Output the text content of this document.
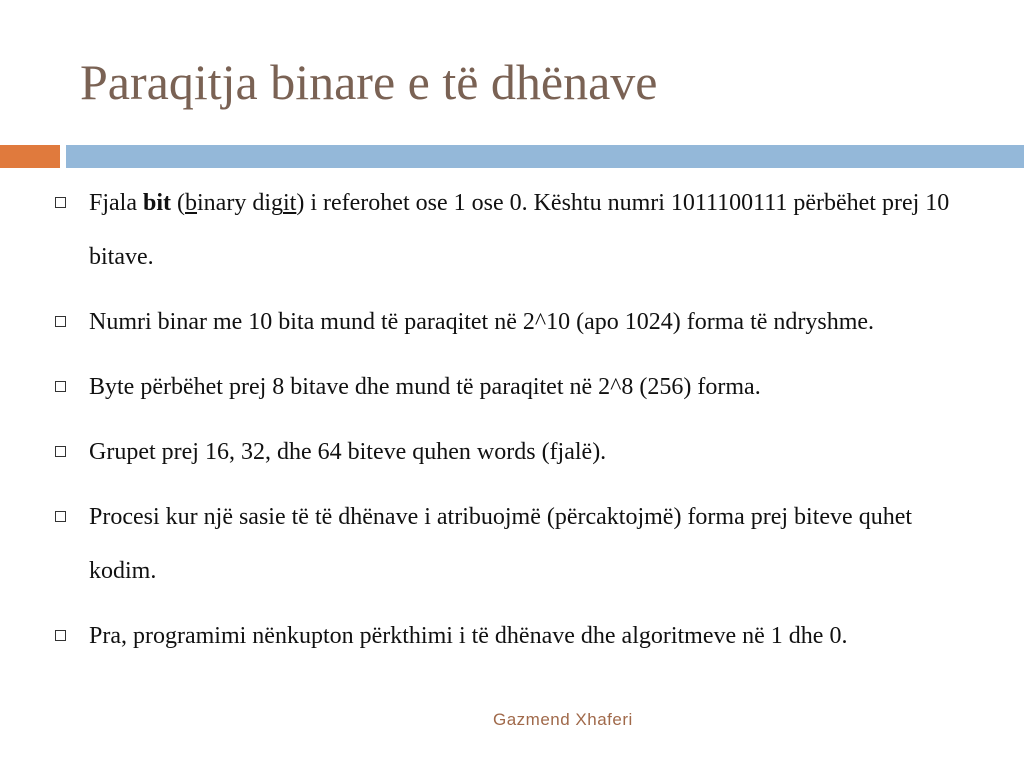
Paraqitja binare e të dhënave
Fjala bit (binary digit) i referohet ose 1 ose 0. Kështu numri 1011100111 përbëhet prej 10 bitave.
Numri binar me 10 bita mund të paraqitet në 2^10 (apo 1024) forma të ndryshme.
Byte përbëhet prej 8 bitave dhe mund të paraqitet në 2^8 (256) forma.
Grupet prej 16, 32, dhe 64 biteve quhen words (fjalë).
Procesi kur një sasie të të dhënave i atribuojmë (përcaktojmë) forma prej biteve quhet kodim.
Pra, programimi nënkupton përkthimi i të dhënave dhe algoritmeve në 1 dhe 0.
Gazmend Xhaferi
